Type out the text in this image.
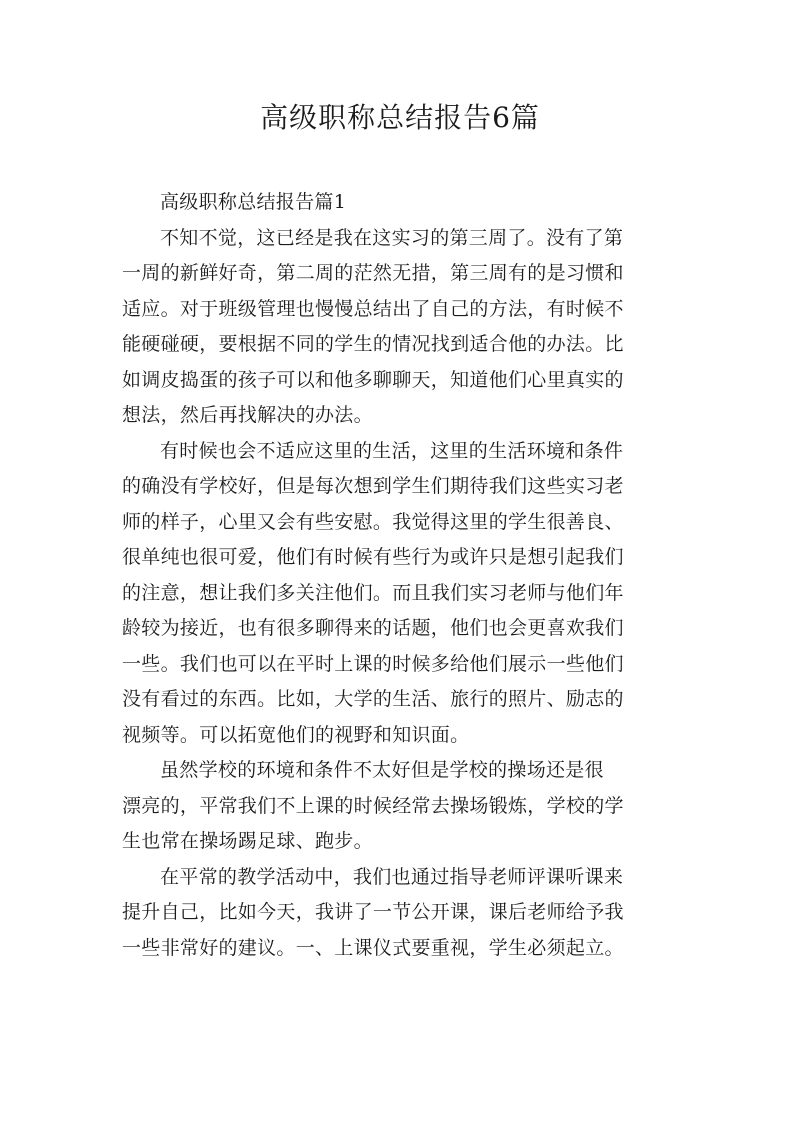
高级职称总结报告6篇
高级职称总结报告篇1

不知不觉，这已经是我在这实习的第三周了。没有了第
一周的新鲜好奇，第二周的茫然无措，第三周有的是习惯和
适应。对于班级管理也慢慢总结出了自己的方法，有时候不
能硬碰硬，要根据不同的学生的情况找到适合他的办法。比
如调皮捣蛋的孩子可以和他多聊聊天，知道他们心里真实的
想法，然后再找解决的办法。

有时候也会不适应这里的生活，这里的生活环境和条件
的确没有学校好，但是每次想到学生们期待我们这些实习老
师的样子，心里又会有些安慰。我觉得这里的学生很善良、
很单纯也很可爱，他们有时候有些行为或许只是想引起我们
的注意，想让我们多关注他们。而且我们实习老师与他们年
龄较为接近，也有很多聊得来的话题，他们也会更喜欢我们
一些。我们也可以在平时上课的时候多给他们展示一些他们
没有看过的东西。比如，大学的生活、旅行的照片、励志的
视频等。可以拓宽他们的视野和知识面。

虽然学校的环境和条件不太好但是学校的操场还是很
漂亮的，平常我们不上课的时候经常去操场锻炼，学校的学
生也常在操场踢足球、跑步。

在平常的教学活动中，我们也通过指导老师评课听课来
提升自己，比如今天，我讲了一节公开课，课后老师给予我
一些非常好的建议。一、上课仪式要重视，学生必须起立。
